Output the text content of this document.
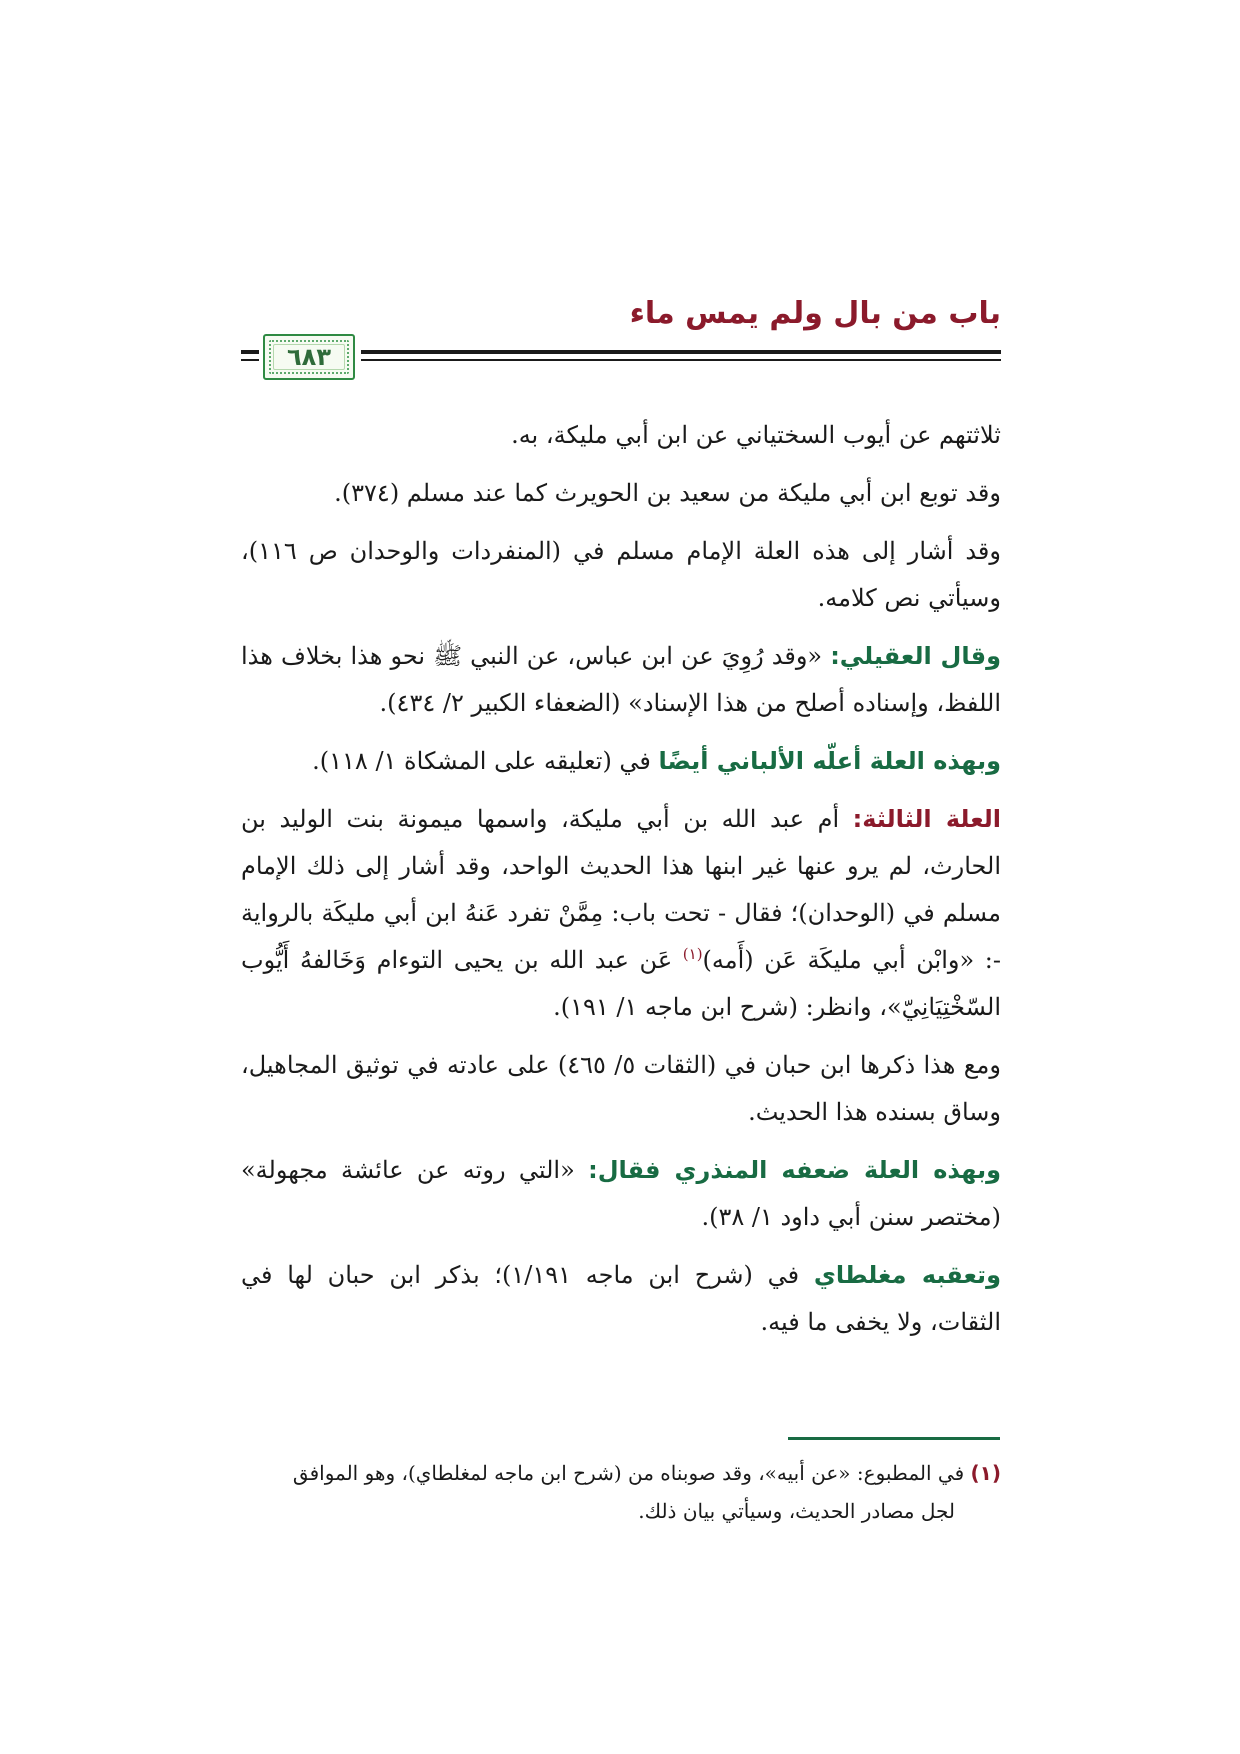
باب من بال ولم يمس ماء
٦٨٣

ثلاثتهم عن أيوب السختياني عن ابن أبي مليكة، به.

وقد توبع ابن أبي مليكة من سعيد بن الحويرث كما عند مسلم (٣٧٤).

وقد أشار إلى هذه العلة الإمام مسلم في (المنفردات والوحدان ص ١١٦)، وسيأتي نص كلامه.

وقال العقيلي: «وقد رُوِيَ عن ابن عباس، عن النبي ﷺ نحو هذا بخلاف هذا اللفظ، وإسناده أصلح من هذا الإسناد» (الضعفاء الكبير ٢/ ٤٣٤).

وبهذه العلة أعلّه الألباني أيضًا في (تعليقه على المشكاة ١/ ١١٨).

العلة الثالثة: أم عبد الله بن أبي مليكة، واسمها ميمونة بنت الوليد بن الحارث، لم يرو عنها غير ابنها هذا الحديث الواحد، وقد أشار إلى ذلك الإمام مسلم في (الوحدان)؛ فقال - تحت باب: مِمَّنْ تفرد عَنهُ ابن أبي مليكَة بالرواية -: «وابْن أبي مليكَة عَن (أَمه)$^{(١)}$ عَن عبد الله بن يحيى التوءام وَخَالفهُ أَيُّوب السّخْتِيَانِيّ»، وانظر: (شرح ابن ماجه ١/ ١٩١).

ومع هذا ذكرها ابن حبان في (الثقات ٥/ ٤٦٥) على عادته في توثيق المجاهيل، وساق بسنده هذا الحديث.

وبهذه العلة ضعفه المنذري فقال: «التي روته عن عائشة مجهولة» (مختصر سنن أبي داود ١/ ٣٨).

وتعقبه مغلطاي في (شرح ابن ماجه ١/١٩١)؛ بذكر ابن حبان لها في الثقات، ولا يخفى ما فيه.

(١) في المطبوع: «عن أبيه»، وقد صوبناه من (شرح ابن ماجه لمغلطاي)، وهو الموافق
لجل مصادر الحديث، وسيأتي بيان ذلك.
